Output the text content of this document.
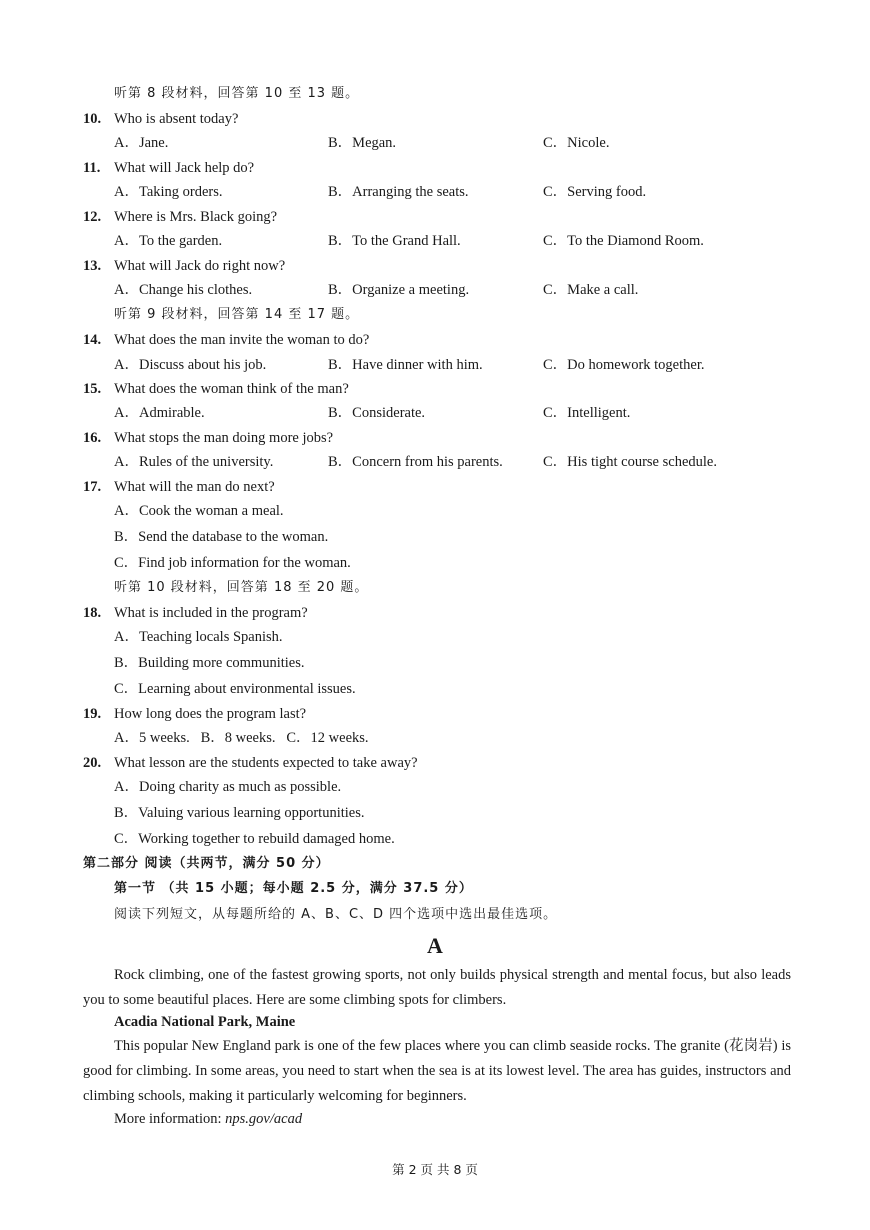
听第 8 段材料，回答第 10 至 13 题。
10. Who is absent today?
A．Jane.	B．Megan.	C．Nicole.
11. What will Jack help do?
A．Taking orders.	B．Arranging the seats.	C．Serving food.
12. Where is Mrs. Black going?
A．To the garden.	B．To the Grand Hall.	C．To the Diamond Room.
13. What will Jack do right now?
A．Change his clothes.	B．Organize a meeting.	C．Make a call.
听第 9 段材料，回答第 14 至 17 题。
14. What does the man invite the woman to do?
A．Discuss about his job.	B．Have dinner with him.	C．Do homework together.
15. What does the woman think of the man?
A．Admirable.	B．Considerate.	C．Intelligent.
16. What stops the man doing more jobs?
A．Rules of the university.	B．Concern from his parents.	C．His tight course schedule.
17. What will the man do next?
A．Cook the woman a meal.
B．Send the database to the woman.
C．Find job information for the woman.
听第 10 段材料，回答第 18 至 20 题。
18. What is included in the program?
A．Teaching locals Spanish.
B．Building more communities.
C．Learning about environmental issues.
19. How long does the program last?
A．5 weeks.   B．8 weeks.   C．12 weeks.
20. What lesson are the students expected to take away?
A．Doing charity as much as possible.
B．Valuing various learning opportunities.
C．Working together to rebuild damaged home.
第二部分 阅读（共两节，满分 50 分）
第一节 （共 15 小题；每小题 2.5 分，满分 37.5 分）
阅读下列短文，从每题所给的 A、B、C、D 四个选项中选出最佳选项。
A
Rock climbing, one of the fastest growing sports, not only builds physical strength and mental focus, but also leads you to some beautiful places. Here are some climbing spots for climbers.
Acadia National Park, Maine
This popular New England park is one of the few places where you can climb seaside rocks. The granite (花岗岩) is good for climbing. In some areas, you need to start when the sea is at its lowest level. The area has guides, instructors and climbing schools, making it particularly welcoming for beginners.
More information: nps.gov/acad
第 2 页 共 8 页
